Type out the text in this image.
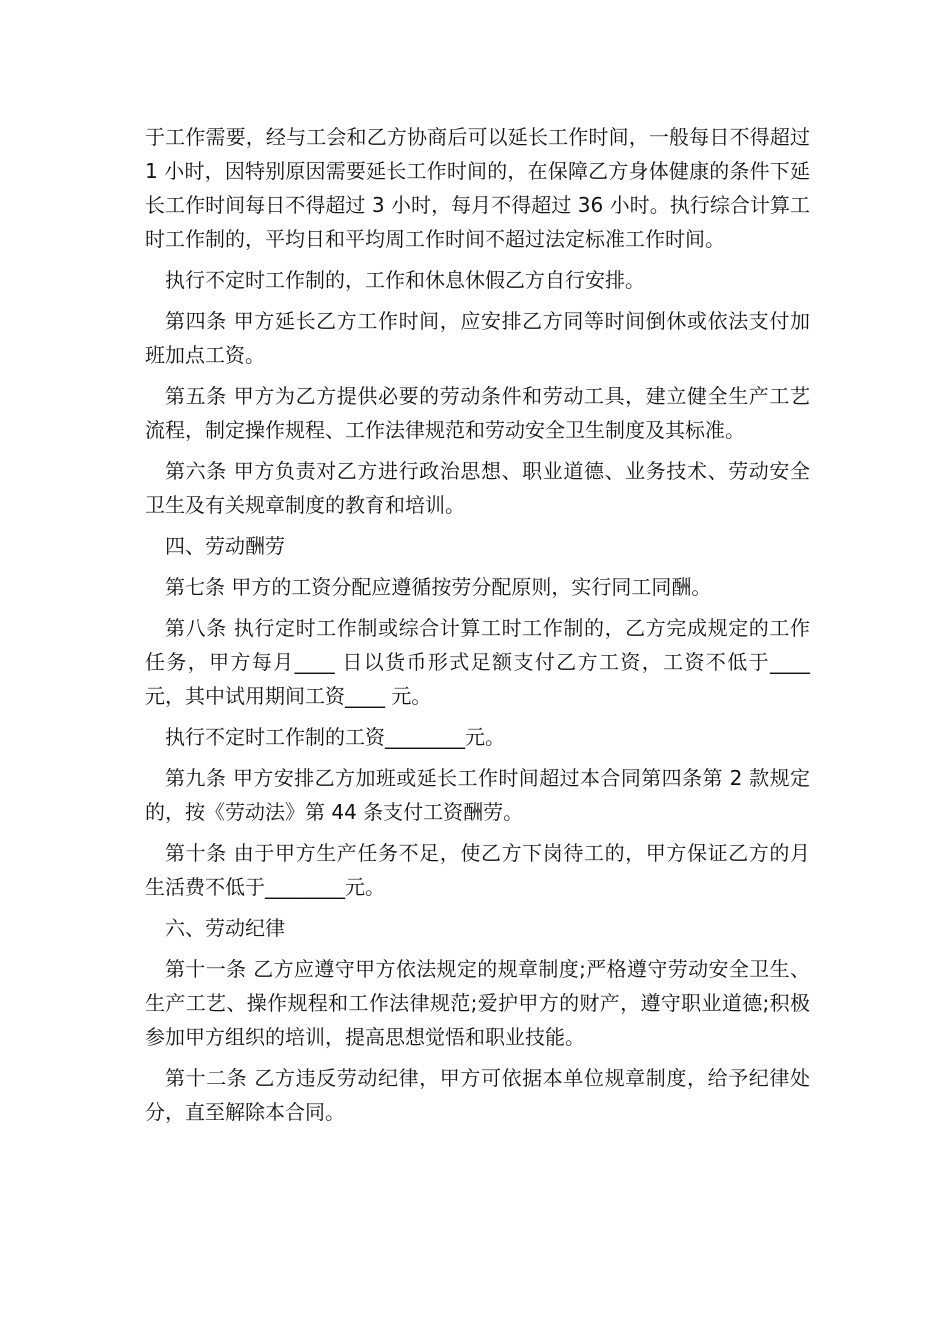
于工作需要，经与工会和乙方协商后可以延长工作时间，一般每日不得超过 1 小时，因特别原因需要延长工作时间的，在保障乙方身体健康的条件下延长工作时间每日不得超过 3 小时，每月不得超过 36 小时。执行综合计算工时工作制的，平均日和平均周工作时间不超过法定标准工作时间。

执行不定时工作制的，工作和休息休假乙方自行安排。

第四条 甲方延长乙方工作时间，应安排乙方同等时间倒休或依法支付加班加点工资。

第五条 甲方为乙方提供必要的劳动条件和劳动工具，建立健全生产工艺流程，制定操作规程、工作法律规范和劳动安全卫生制度及其标准。

第六条 甲方负责对乙方进行政治思想、职业道德、业务技术、劳动安全卫生及有关规章制度的教育和培训。

四、劳动酬劳

第七条 甲方的工资分配应遵循按劳分配原则，实行同工同酬。

第八条 执行定时工作制或综合计算工时工作制的，乙方完成规定的工作任务，甲方每月____ 日以货币形式足额支付乙方工资，工资不低于____元，其中试用期间工资____ 元。

执行不定时工作制的工资________元。

第九条 甲方安排乙方加班或延长工作时间超过本合同第四条第 2 款规定的，按《劳动法》第 44 条支付工资酬劳。

第十条 由于甲方生产任务不足，使乙方下岗待工的，甲方保证乙方的月生活费不低于________元。

六、劳动纪律

第十一条 乙方应遵守甲方依法规定的规章制度;严格遵守劳动安全卫生、生产工艺、操作规程和工作法律规范;爱护甲方的财产，遵守职业道德;积极参加甲方组织的培训，提高思想觉悟和职业技能。

第十二条 乙方违反劳动纪律，甲方可依据本单位规章制度，给予纪律处分，直至解除本合同。
